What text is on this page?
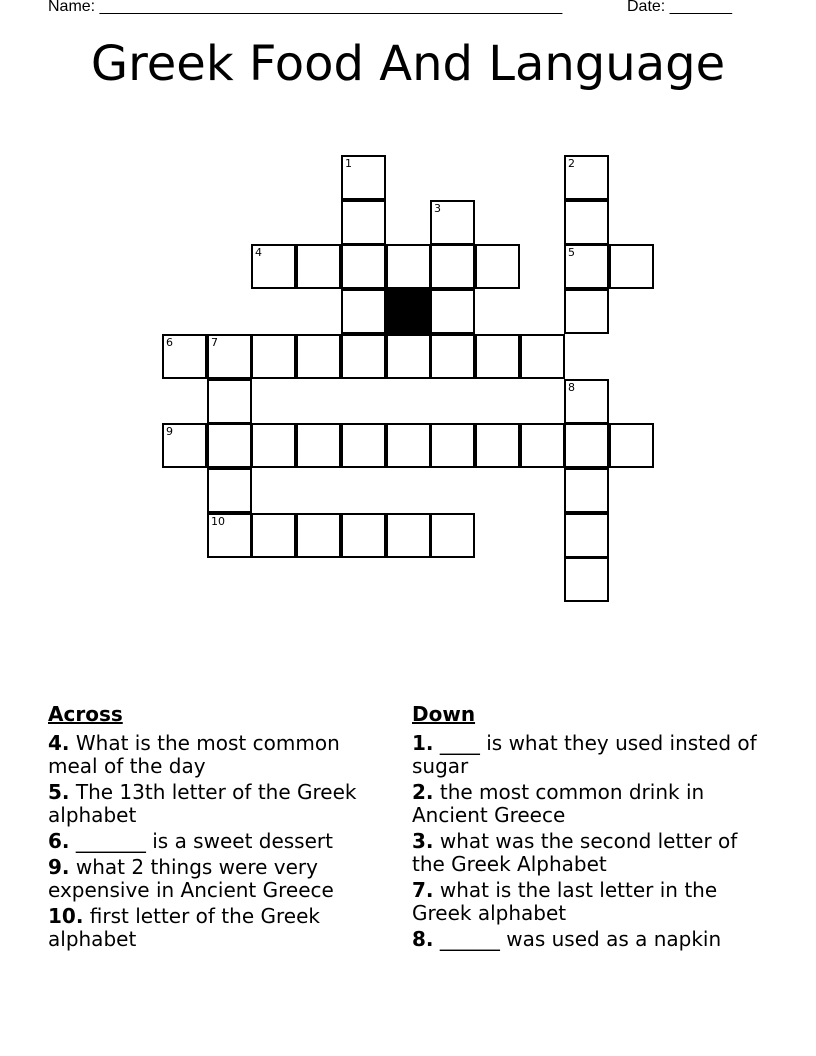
Name: ____________________________________________________	Date: _______
Greek Food And Language
1	2
3
4	5
6	7
8
9
10
Across
4. What is the most common meal of the day
5. The 13th letter of the Greek alphabet
6. _______ is a sweet dessert
9. what 2 things were very expensive in Ancient Greece
10. first letter of the Greek alphabet
Down
1. ____ is what they used insted of sugar
2. the most common drink in Ancient Greece
3. what was the second letter of the Greek Alphabet
7. what is the last letter in the Greek alphabet
8. ______ was used as a napkin
